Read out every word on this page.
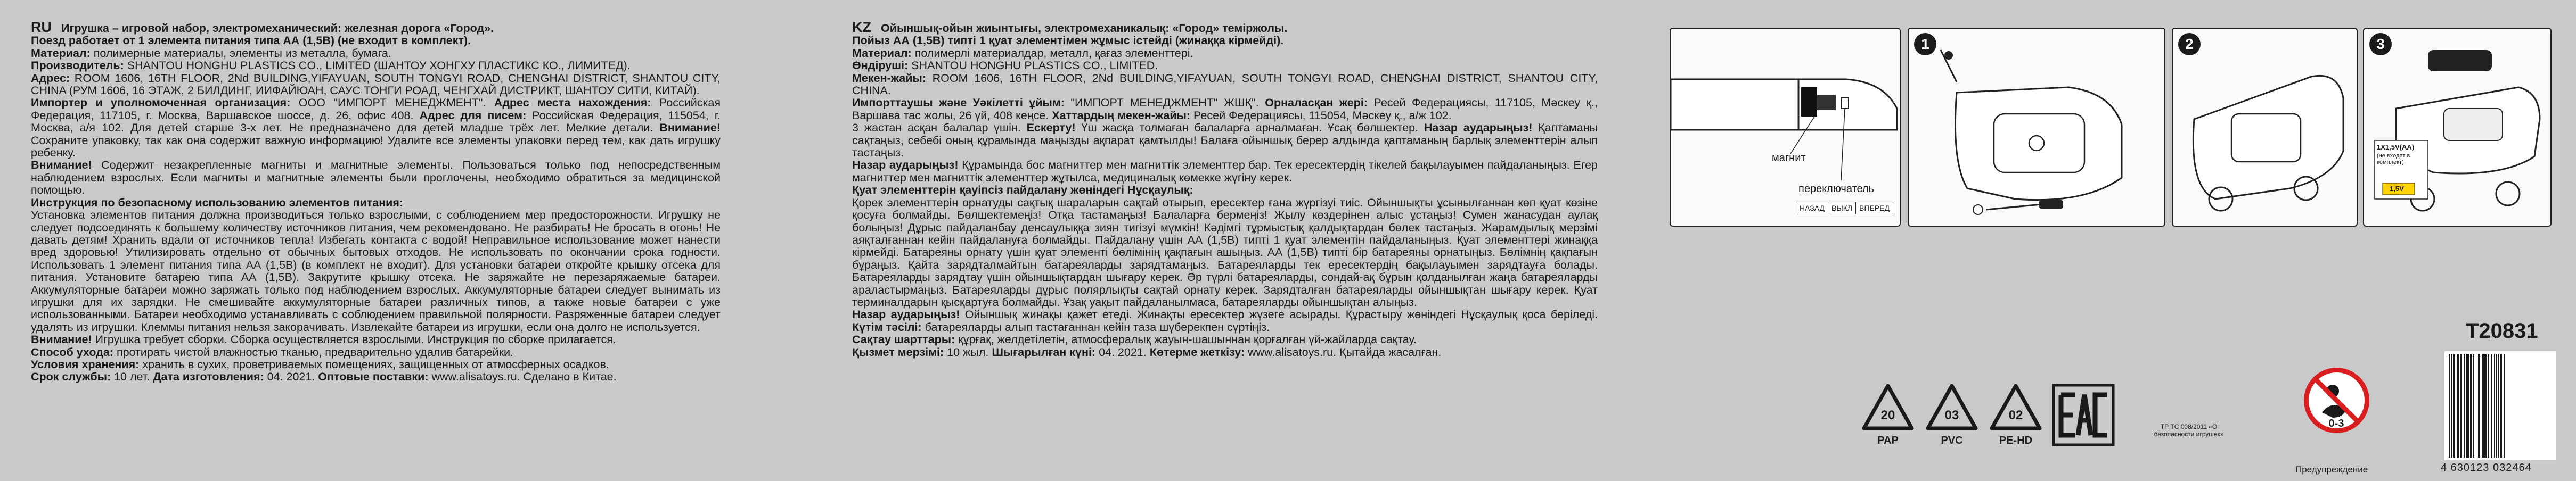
RU Игрушка – игровой набор, электромеханический: железная дорога «Город».

Поезд работает от 1 элемента питания типа АА (1,5В) (не входит в комплект).

Материал: полимерные материалы, элементы из металла, бумага.

Производитель: SHANTOU HONGHU PLASTICS CO., LIMITED (ШАНТОУ ХОНГХУ ПЛАСТИКС КО., ЛИМИТЕД).

Адрес: ROOM 1606, 16TH FLOOR, 2Nd BUILDING,YIFAYUAN, SOUTH TONGYI ROAD, CHENGHAI DISTRICT, SHANTOU CITY, CHINA (РУМ 1606, 16 ЭТАЖ, 2 БИЛДИНГ, ИИФАЙЮАН, САУС ТОНГИ РОАД, ЧЕНГХАЙ ДИСТРИКТ, ШАНТОУ СИТИ, КИТАЙ).

Импортер и уполномоченная организация: ООО "ИМПОРТ МЕНЕДЖМЕНТ". Адрес места нахождения: Российская Федерация, 117105, г. Москва, Варшавское шоссе, д. 26, офис 408. Адрес для писем: Российская Федерация, 115054, г. Москва, а/я 102. Для детей старше 3-х лет. Не предназначено для детей младше трёх лет. Мелкие детали. Внимание! Сохраните упаковку, так как она содержит важную информацию! Удалите все элементы упаковки перед тем, как дать игрушку ребенку.

Внимание! Содержит незакрепленные магниты и магнитные элементы. Пользоваться только под непосредственным наблюдением взрослых. Если магниты и магнитные элементы были проглочены, необходимо обратиться за медицинской помощью.

Инструкция по безопасному использованию элементов питания:

Установка элементов питания должна производиться только взрослыми, с соблюдением мер предосторожности. Игрушку не следует подсоединять к большему количеству источников питания, чем рекомендовано. Не разбирать! Не бросать в огонь! Не давать детям! Хранить вдали от источников тепла! Избегать контакта с водой! Неправильное использование может нанести вред здоровью! Утилизировать отдельно от обычных бытовых отходов. Не использовать по окончании срока годности. Использовать 1 элемент питания типа АА (1,5В) (в комплект не входит). Для установки батареи откройте крышку отсека для питания. Установите батарею типа АА (1,5В). Закрутите крышку отсека. Не заряжайте не перезаряжаемые батареи. Аккумуляторные батареи можно заряжать только под наблюдением взрослых. Аккумуляторные батареи следует вынимать из игрушки для их зарядки. Не смешивайте аккумуляторные батареи различных типов, а также новые батареи с уже использованными. Батареи необходимо устанавливать с соблюдением правильной полярности. Разряженные батареи следует удалять из игрушки. Клеммы питания нельзя закорачивать. Извлекайте батареи из игрушки, если она долго не используется.

Внимание! Игрушка требует сборки. Сборка осуществляется взрослыми. Инструкция по сборке прилагается.

Способ ухода: протирать чистой влажностью тканью, предварительно удалив батарейки.

Условия хранения: хранить в сухих, проветриваемых помещениях, защищенных от атмосферных осадков.

Срок службы: 10 лет. Дата изготовления: 04. 2021. Оптовые поставки: www.alisatoys.ru. Сделано в Китае.

KZ Ойыншық-ойын жиынтығы, электромеханикалық: «Город» теміржолы.

Пойыз АА (1,5В) типті 1 қуат элементімен жұмыс істейді (жинаққа кірмейді).

Материал: полимерлі материалдар, металл, қағаз элементтері.

Өндіруші: SHANTOU HONGHU PLASTICS CO., LIMITED.

Мекен-жайы: ROOM 1606, 16TH FLOOR, 2Nd BUILDING,YIFAYUAN, SOUTH TONGYI ROAD, CHENGHAI DISTRICT, SHANTOU CITY, CHINA.

Импорттаушы және Уәкілетті ұйым: "ИМПОРТ МЕНЕДЖМЕНТ" ЖШҚ". Орналасқан жері: Ресей Федерациясы, 117105, Мәскеу қ., Варшава тас жолы, 26 үй, 408 кеңсе. Хаттардың мекен-жайы: Ресей Федерациясы, 115054, Мәскеу қ., а/ж 102.

3 жастан асқан балалар үшін. Ескерту! Үш жасқа толмаған балаларға арналмаған. Ұсақ бөлшектер. Назар аударыңыз! Қаптаманы сақтаңыз, себебі оның құрамында маңызды ақпарат қамтылды! Балаға ойыншық берер алдында қаптаманың барлық элементтерін алып тастаңыз.

Назар аударыңыз! Құрамында бос магниттер мен магниттік элементтер бар. Тек ересектердің тікелей бақылауымен пайдаланыңыз. Егер магниттер мен магниттік элементтер жұтылса, медициналық көмекке жүгіну керек.

Қуат элементтерін қауіпсіз пайдалану жөніндегі Нұсқаулық:

Қорек элементтерін орнатуды сақтық шараларын сақтай отырып, ересектер ғана жүргізуі тиіс. Ойыншықты ұсынылғаннан көп қуат көзіне қосуға болмайды. Бөлшектемеңіз! Отқа тастамаңыз! Балаларға бермеңіз! Жылу көздерінен алыс ұстаңыз! Сумен жанасудан аулақ болыңыз! Дұрыс пайдаланбау денсаулыққа зиян тигізуі мүмкін! Кәдімгі тұрмыстық қалдықтардан бөлек тастаңыз. Жарамдылық мерзімі аяқталғаннан кейін пайдалануға болмайды. Пайдалану үшін АА (1,5В) типті 1 қуат элементін пайдаланыңыз. Қуат элементтері жинаққа кірмейді. Батареяны орнату үшін қуат элементі бөлімінің қақпағын ашыңыз. АА (1,5В) типті бір батареяны орнатыңыз. Бөлімнің қақпағын бұраңыз. Қайта зарядталмайтын батареяларды зарядтамаңыз. Батареяларды тек ересектердің бақылауымен зарядтауға болады. Батареяларды зарядтау үшін ойыншықтардан шығару керек. Әр түрлі батареяларды, сондай-ақ бұрын қолданылған жаңа батареяларды араластырмаңыз. Батареяларды дұрыс полярлықты сақтай орнату керек. Зарядталған батареяларды ойыншықтан шығару керек. Қуат терминалдарын қысқартуға болмайды. Ұзақ уақыт пайдаланылмаса, батареяларды ойыншықтан алыңыз.

Назар аударыңыз! Ойыншық жинақы қажет етеді. Жинақты ересектер жүзеге асырады. Құрастыру жөніндегі Нұсқаулық қоса беріледі. Күтім тәсілі: батареяларды алып тастағаннан кейін таза шүберекпен сүртіңіз.

Сақтау шарттары: құрғақ, желдетілетін, атмосфералық жауын-шашыннан қорғалған үй-жайларда сақтау.

Қызмет мерзімі: 10 жыл. Шығарылған күні: 04. 2021. Көтерме жеткізу: www.alisatoys.ru. Қытайда жасалған.

магнит
переключатель
НАЗАД ВЫКЛ ВПЕРЕД
1	2	3
1X1,5V(AA)
(не входят в комплект)
1,5V
20
PAP
03
PVC
02
PE-HD
ТР ТС 008/2011 «О безопасности игрушек»
0-3
Предупреждение
T20831
4 630123 032464
